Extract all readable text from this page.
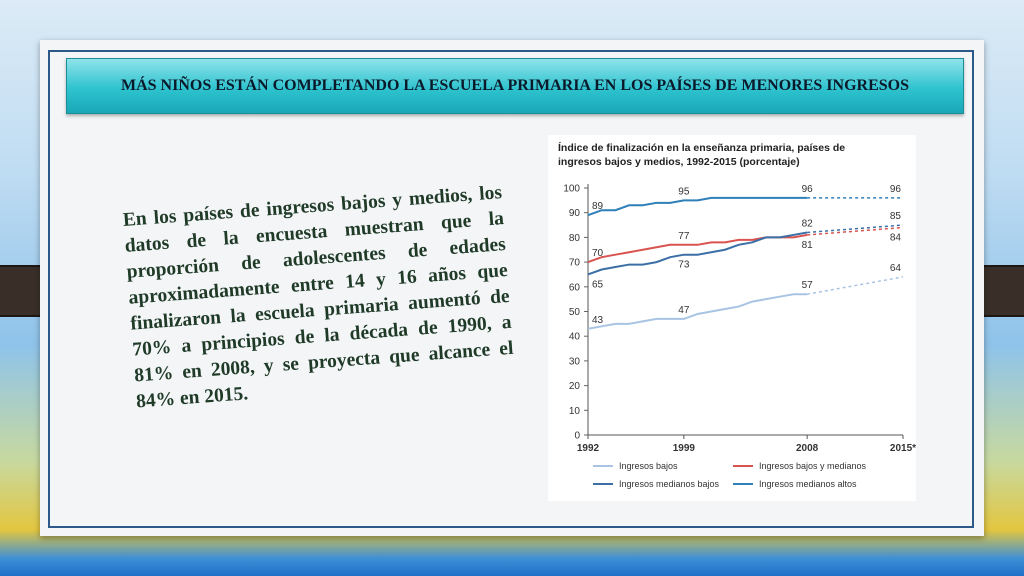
MÁS NIÑOS ESTÁN COMPLETANDO LA ESCUELA PRIMARIA EN LOS PAÍSES DE MENORES INGRESOS
En los países de ingresos bajos y medios, los datos de la encuesta muestran que la proporción de adolescentes de edades aproximadamente entre 14 y 16 años que finalizaron la escuela primaria aumentó de 70% a principios de la década de 1990, a 81% en 2008, y se proyecta que alcance el 84% en 2015.
Índice de finalización en la enseñanza primaria, países de
ingresos bajos y medios, 1992-2015 (porcentaje)
0
10
20
30
40
50
60
70
80
90
100
1992	1999	2008	2015*
89
95	96	96
70
77
82
85
81
84
65
73
43
47
57
64
Ingresos bajos	Ingresos bajos y medianos
Ingresos medianos bajos	Ingresos medianos altos
